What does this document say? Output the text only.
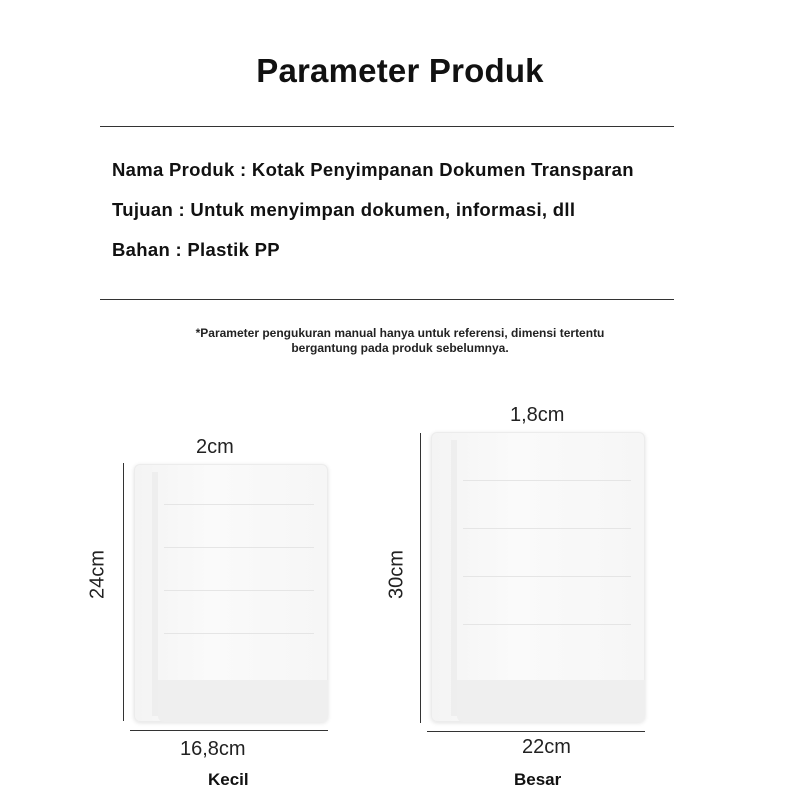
Parameter Produk
Nama Produk : Kotak Penyimpanan Dokumen Transparan
Tujuan : Untuk menyimpan dokumen, informasi, dll
Bahan : Plastik PP
*Parameter pengukuran manual hanya untuk referensi, dimensi tertentu
bergantung pada produk sebelumnya.
2cm
24cm
16,8cm
Kecil
1,8cm
30cm
22cm
Besar
